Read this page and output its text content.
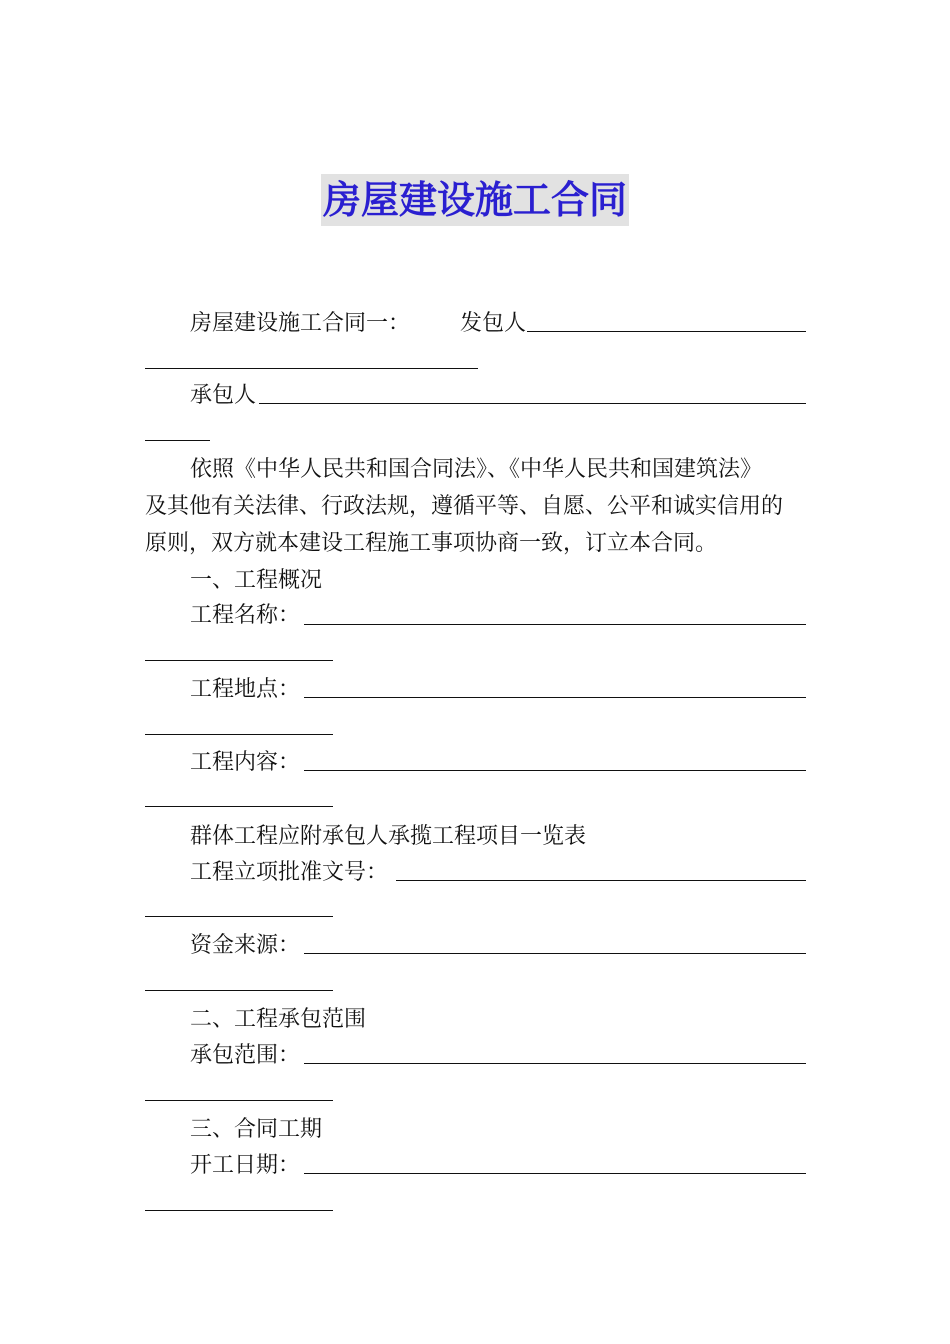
房屋建设施工合同
房屋建设施工合同一： 发包人
承包人
依照《中华人民共和国合同法》、《中华人民共和国建筑法》
及其他有关法律、行政法规，遵循平等、自愿、公平和诚实信用的
原则，双方就本建设工程施工事项协商一致，订立本合同。
一、工程概况
工程名称：
工程地点：
工程内容：
群体工程应附承包人承揽工程项目一览表
工程立项批准文号：
资金来源：
二、工程承包范围
承包范围：
三、合同工期
开工日期：
